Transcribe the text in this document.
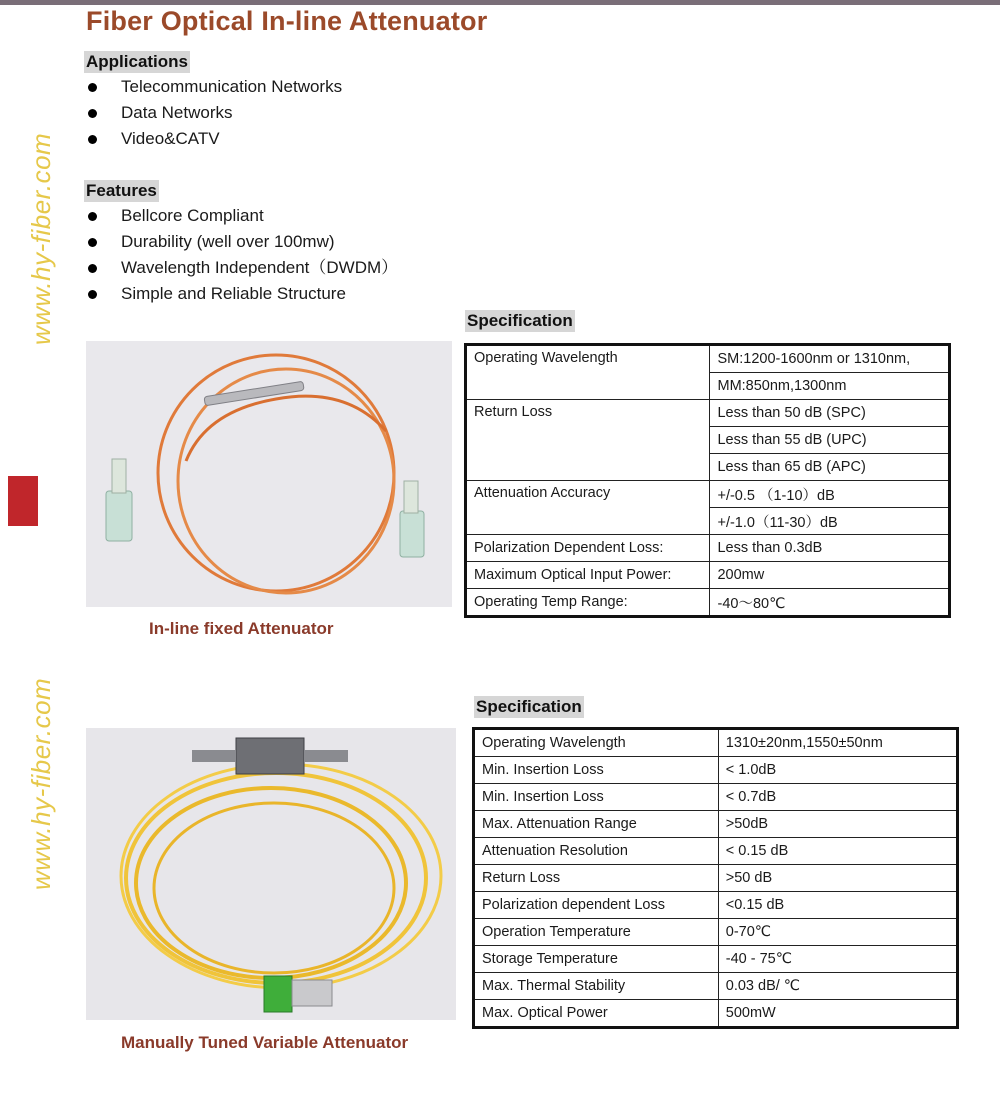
Fiber Optical In-line Attenuator
Applications
Telecommunication Networks
Data Networks
Video&CATV
Features
Bellcore Compliant
Durability (well over 100mw)
Wavelength Independent（DWDM）
Simple and Reliable Structure
www.hy-fiber.com
www.hy-fiber.com
In-line fixed Attenuator
Specification
Operating Wavelength	SM:1200-1600nm or 1310nm,
	MM:850nm,1300nm
Return Loss	Less than 50 dB (SPC)
	Less than 55 dB (UPC)
	Less than 65 dB (APC)
Attenuation Accuracy	+/-0.5 （1-10）dB
	+/-1.0（11-30）dB
Polarization Dependent Loss:	Less than 0.3dB
Maximum Optical Input Power:	200mw
Operating Temp Range:	-40～80℃
Manually Tuned Variable Attenuator
Specification
Operating Wavelength	1310±20nm,1550±50nm
Min. Insertion Loss	< 1.0dB
Min. Insertion Loss	< 0.7dB
Max. Attenuation Range	>50dB
Attenuation Resolution	< 0.15 dB
Return Loss	>50 dB
Polarization dependent Loss	<0.15 dB
Operation Temperature	0-70℃
Storage Temperature	-40 - 75℃
Max. Thermal Stability	0.03 dB/ ℃
Max. Optical Power	500mW
